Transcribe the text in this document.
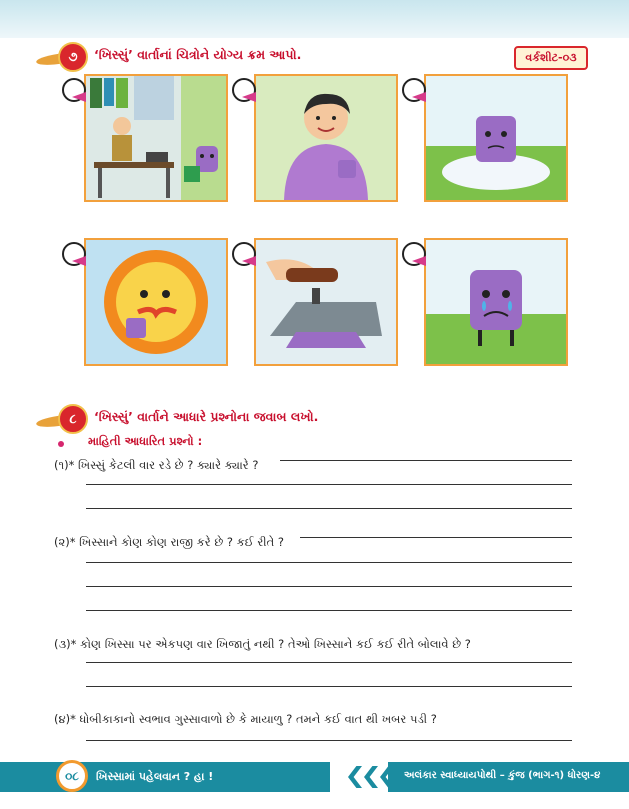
૭	‘ખિસ્સું’ વાર્તાનાં ચિત્રોને યોગ્ય ક્રમ આપો.	વર્કશીટ-૦૩
૮	‘ખિસ્સું’ વાર્તાને આધારે પ્રશ્નોના જવાબ લખો.
માહિતી આધારિત પ્રશ્નો :
(૧)* ખિસ્સું કેટલી વાર રડે છે ? ક્યારે ક્યારે ?
(૨)* ખિસ્સાને કોણ કોણ રાજી કરે છે ? કઈ રીતે ?
(૩)* કોણ ખિસ્સા પર એકપણ વાર ખિજાતું નથી ? તેઓ ખિસ્સાને કઈ કઈ રીતે બોલાવે છે ?
(૪)* ધોબીકાકાનો સ્વભાવ ગુસ્સાવાળો છે કે માયાળુ ? તમને કઈ વાત થી ખબર પડી ?
૦૮	ખિસ્સામાં પહેલવાન ? હા !	અલંકાર સ્વાધ્યાયપોથી – કુંજ (ભાગ-૧) ધોરણ-૪
